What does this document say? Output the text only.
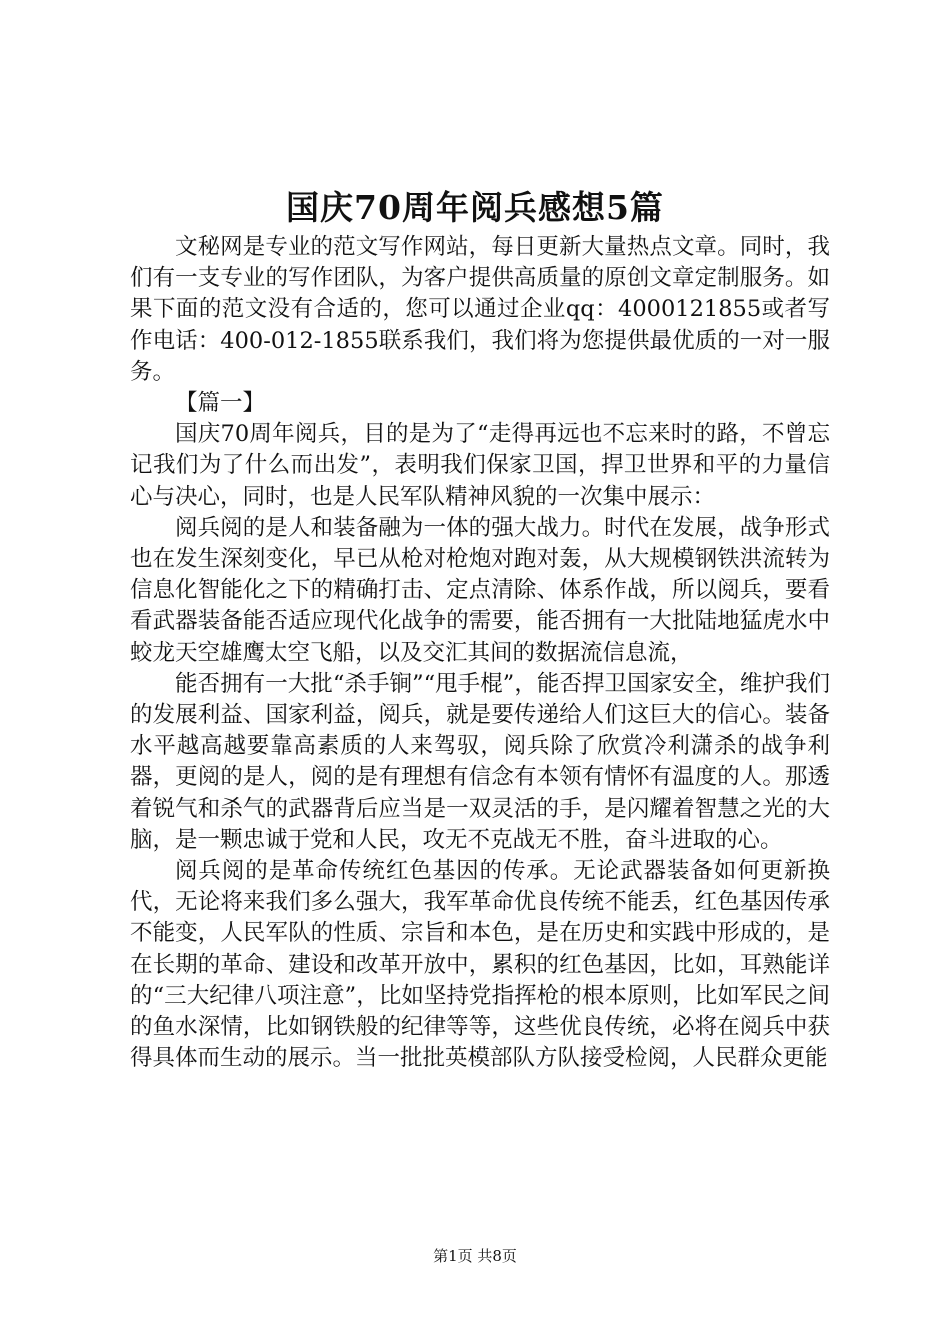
国庆70周年阅兵感想5篇

文秘网是专业的范文写作网站，每日更新大量热点文章。同时，我们有一支专业的写作团队，为客户提供高质量的原创文章定制服务。如果下面的范文没有合适的，您可以通过企业qq：4000121855或者写作电话：400-012-1855联系我们，我们将为您提供最优质的一对一服务。

【篇一】

国庆70周年阅兵，目的是为了“走得再远也不忘来时的路，不曾忘记我们为了什么而出发”，表明我们保家卫国，捍卫世界和平的力量信心与决心，同时，也是人民军队精神风貌的一次集中展示：

阅兵阅的是人和装备融为一体的强大战力。时代在发展，战争形式也在发生深刻变化，早已从枪对枪炮对跑对轰，从大规模钢铁洪流转为信息化智能化之下的精确打击、定点清除、体系作战，所以阅兵，要看看武器装备能否适应现代化战争的需要，能否拥有一大批陆地猛虎水中蛟龙天空雄鹰太空飞船，以及交汇其间的数据流信息流，

能否拥有一大批“杀手锏”“甩手棍”，能否捍卫国家安全，维护我们的发展利益、国家利益，阅兵，就是要传递给人们这巨大的信心。装备水平越高越要靠高素质的人来驾驭，阅兵除了欣赏冷利潇杀的战争利器，更阅的是人，阅的是有理想有信念有本领有情怀有温度的人。那透着锐气和杀气的武器背后应当是一双灵活的手，是闪耀着智慧之光的大脑，是一颗忠诚于党和人民，攻无不克战无不胜，奋斗进取的心。

阅兵阅的是革命传统红色基因的传承。无论武器装备如何更新换代，无论将来我们多么强大，我军革命优良传统不能丢，红色基因传承不能变，人民军队的性质、宗旨和本色，是在历史和实践中形成的，是在长期的革命、建设和改革开放中，累积的红色基因，比如，耳熟能详的“三大纪律八项注意”，比如坚持党指挥枪的根本原则，比如军民之间的鱼水深情，比如钢铁般的纪律等等，这些优良传统，必将在阅兵中获得具体而生动的展示。当一批批英模部队方队接受检阅，人民群众更能

第1页 共8页
